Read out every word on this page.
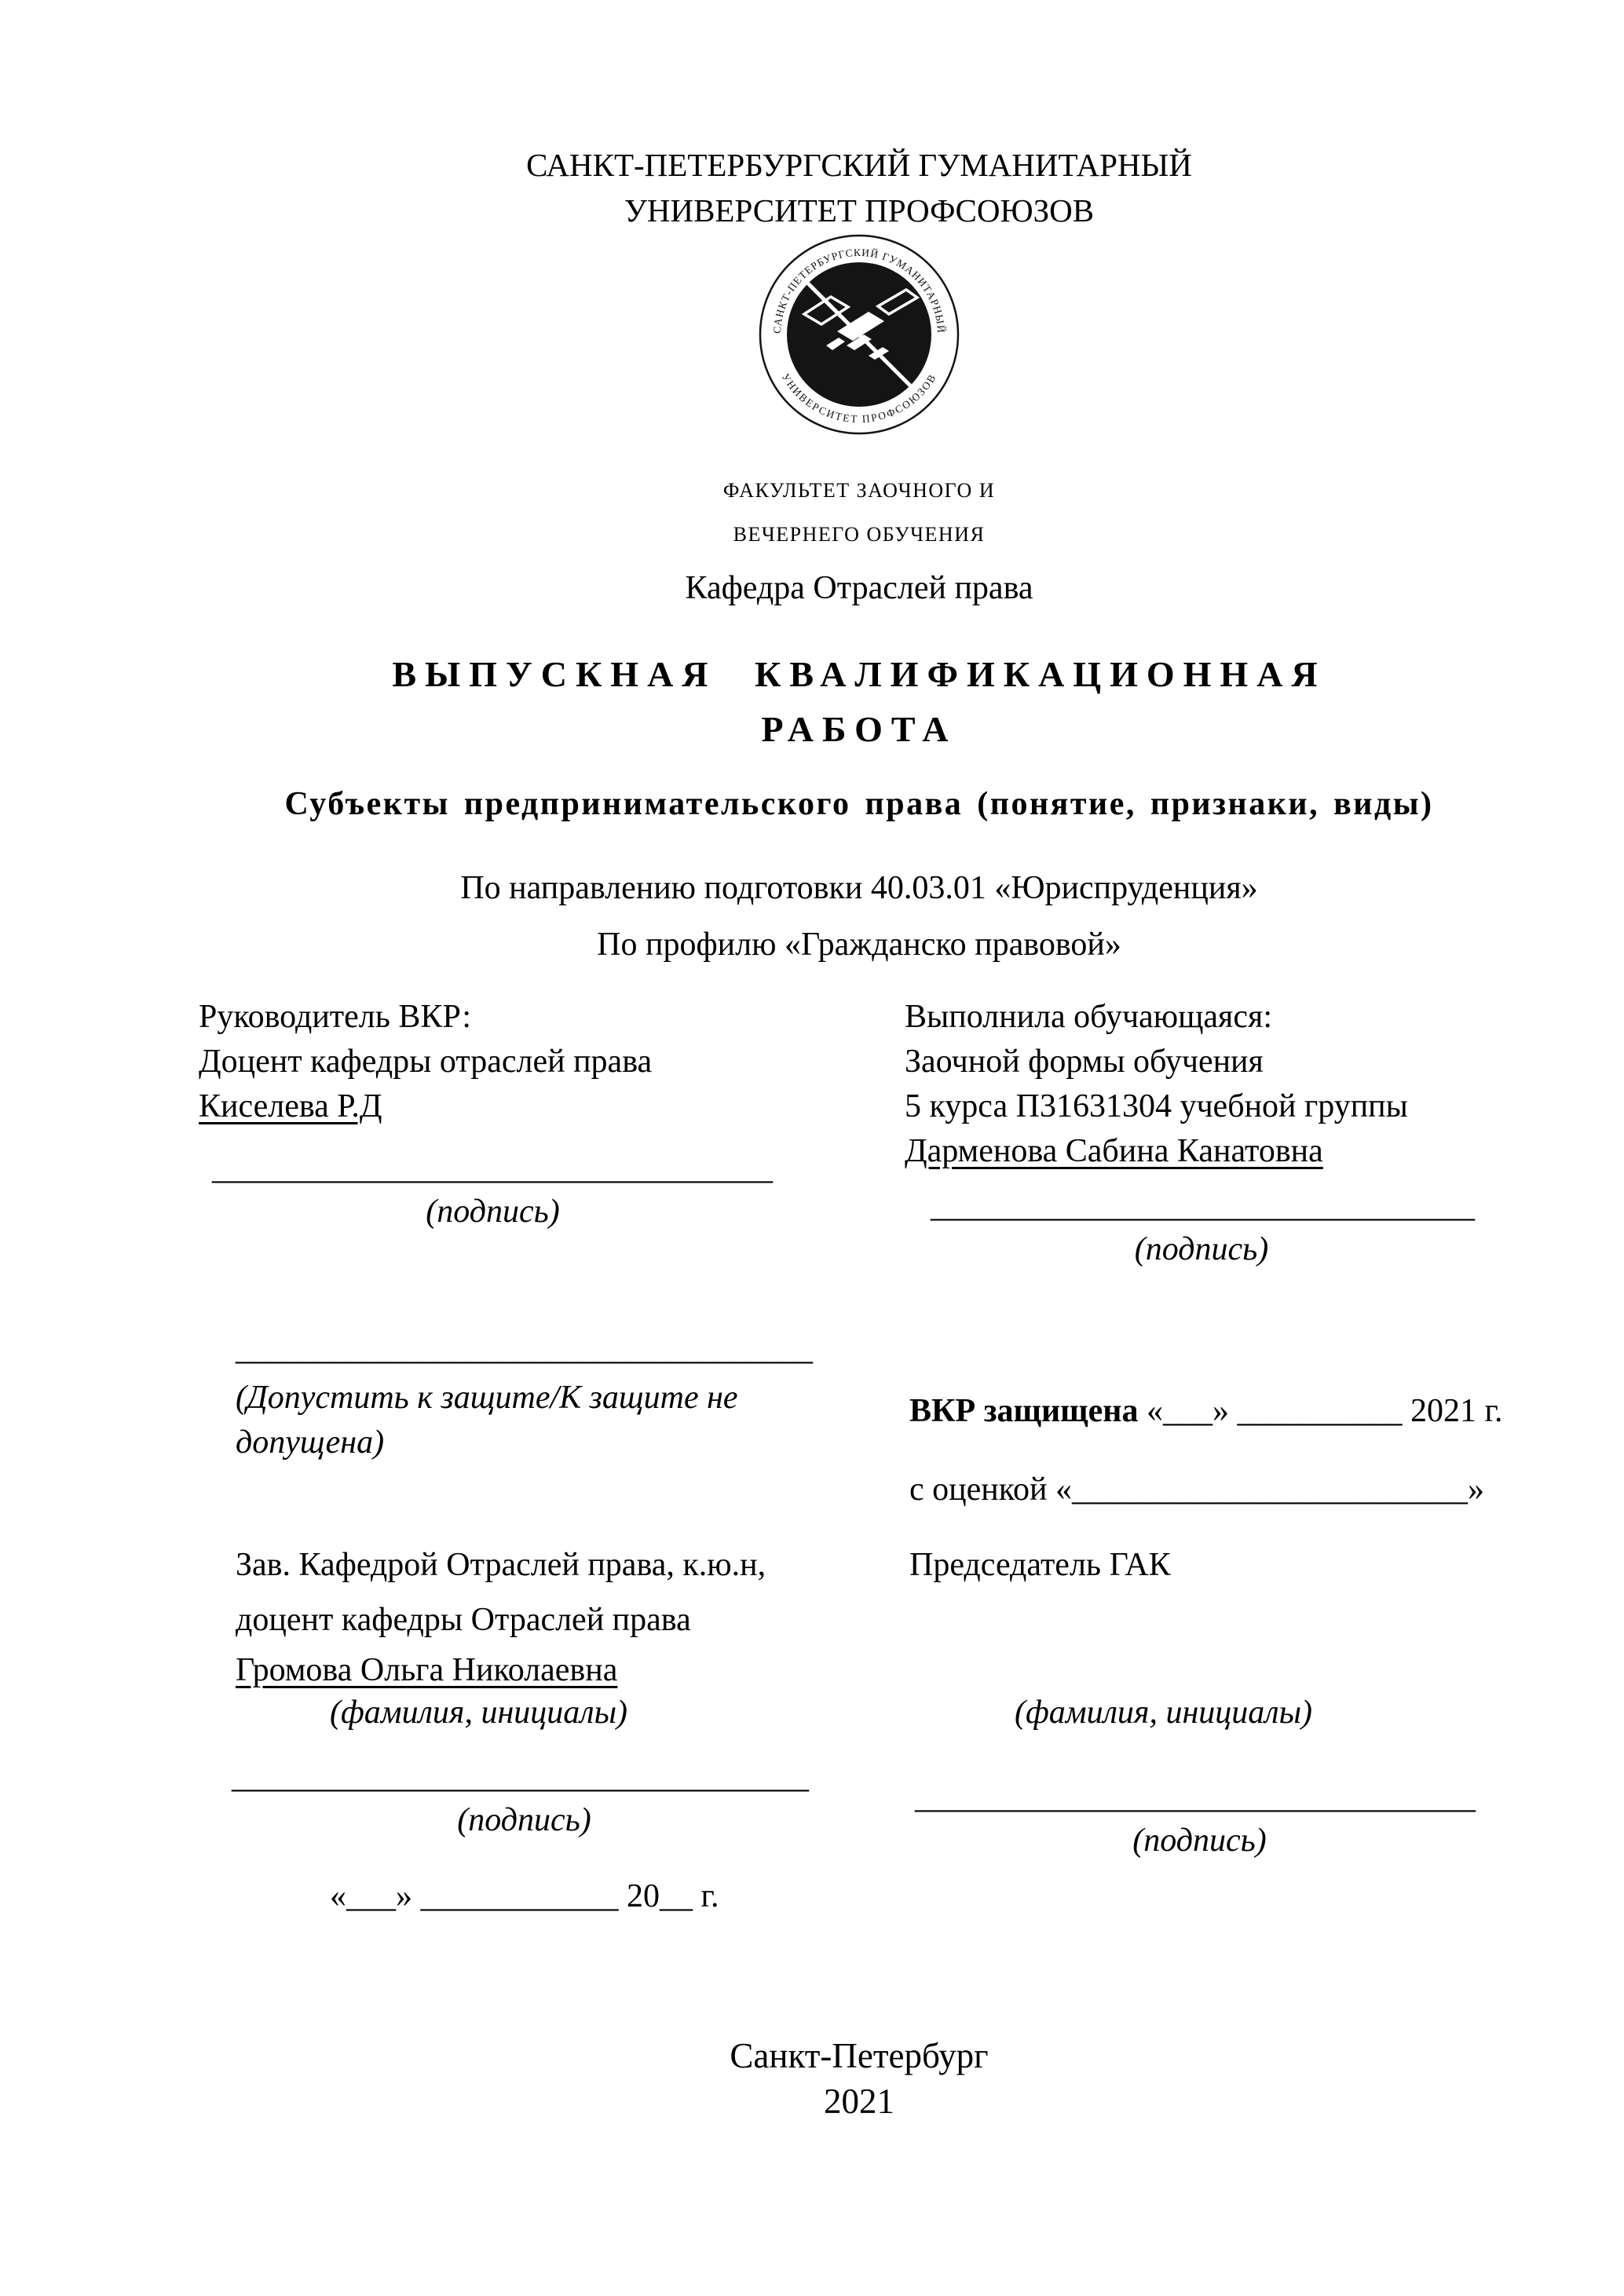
САНКТ-ПЕТЕРБУРГСКИЙ ГУМАНИТАРНЫЙ
УНИВЕРСИТЕТ ПРОФСОЮЗОВ
САНКТ-ПЕТЕРБУРГСКИЙ ГУМАНИТАРНЫЙ
УНИВЕРСИТЕТ ПРОФСОЮЗОВ
ФАКУЛЬТЕТ ЗАОЧНОГО И
ВЕЧЕРНЕГО ОБУЧЕНИЯ
Кафедра Отраслей права
ВЫПУСКНАЯ КВАЛИФИКАЦИОННАЯ
РАБОТА
Субъекты предпринимательского права (понятие, признаки, виды)
По направлению подготовки 40.03.01 «Юриспруденция»
По профилю «Гражданско правовой»
Руководитель ВКР:
Доцент кафедры отраслей права
Киселева Р.Д
__________________________________
(подпись)
Выполнила обучающаяся:
Заочной формы обучения
5 курса П31631304 учебной группы
Дарменова Сабина Канатовна
_________________________________
(подпись)
___________________________________
(Допустить к защите/К защите не допущена)
ВКР защищена «___» __________ 2021 г.
с оценкой «________________________»
Председатель ГАК
(фамилия, инициалы)
__________________________________
(подпись)
Зав. Кафедрой Отраслей права, к.ю.н,
доцент кафедры Отраслей права
Громова Ольга Николаевна
(фамилия, инициалы)
___________________________________
(подпись)
«___» ____________ 20__ г.
Санкт-Петербург
2021
